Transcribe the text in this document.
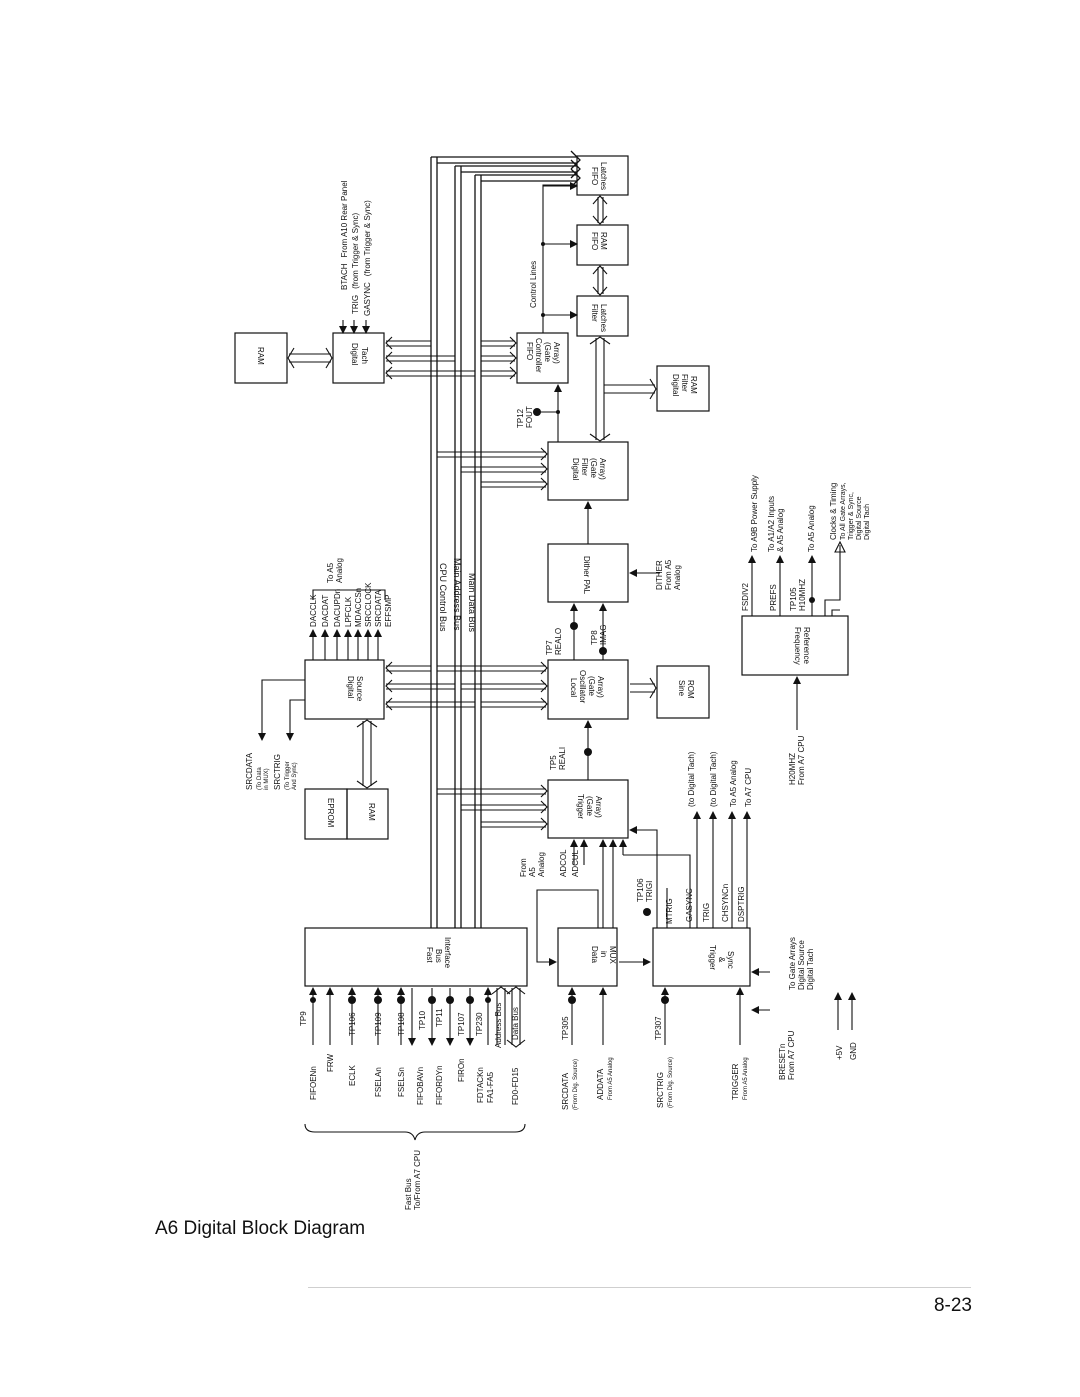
CPU Control Bus Main Address Bus Main Data Bus
RAM	DigitalTach	FIFOController(GateArray)
FilterLatches
FIFORAM
FIFOLatches
DigitalFilterRAM
DigitalFilter(GateArray)
Dither PAL
LocalOscillator(GateArray)	SineROM
Trigger(GateArray)
DigitalSource
EPROM	RAM
FrequencyReference
FastBusInterface	DatainMUX	Trigger&Sync
BTACHFrom A10 Rear Panel
TRIG(from Trigger & Sync)
GASYNC(from Trigger & Sync)
Control Lines
TP12FOUT
DITHERFrom A5Analog
TP7REALO	TP8IMAG
TP5REALI
DACCLK DACDAT DACUPDn LPFCLK MDACCSn SRCCLOCK SRCDATA EFFSMP
To A5Analog
SRCDATA (To Datain MUX) SRCTRIG (To TriggerAnd Sync)
FromA5Analog ADCOL ADCUL
TP106TRIGI
MTRIG GASYNC TRIG CHSYNCn DSPTRIG
(to Digital Tach) (to Digital Tach) To A5 Analog To A7 CPU
FSDIV2
To A9B Power Supply
PREFS
To A1/A2 Inputs& A5 Analog
TP105H10MHZ
To A5 Analog Clocks & Timing To All Gate Arrays,Trigger & Sync,Digital SourceDigital Tach
H20MHZFrom A7 CPU
To Gate ArraysDigital SourceDigital Tach
TP9	TP106 TP109 TP108 TP10 TP11 TP107 TP230 Address Bus Data Bus
FIFOENn
FRW
ECLK FSELAn FSELSn FIFOBAVn FIFORDYn FIROn FDTACKn FA1-FA5 FD0-FD15
TP305
SRCDATA (From Dig. Source) ADDATA From A5 Analog
TP307
SRCTRIG (From Dig. Source)	TRIGGER From A5 Analog	BRESETnFrom A7 CPU	+5V GND
Fast BusTo/From A7 CPU
A6 Digital Block Diagram
8-23
